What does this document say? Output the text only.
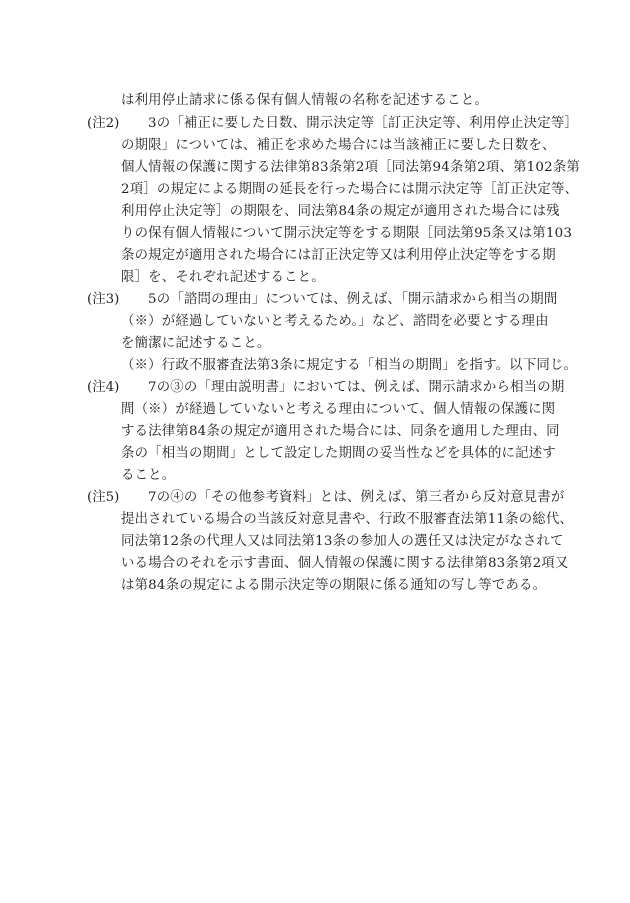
は利用停止請求に係る保有個人情報の名称を記述すること。
(注2) 3の「補正に要した日数、開示決定等［訂正決定等、利用停止決定等］
の期限」については、補正を求めた場合には当該補正に要した日数を、
個人情報の保護に関する法律第83条第2項［同法第94条第2項、第102条第
2項］の規定による期間の延長を行った場合には開示決定等［訂正決定等、
利用停止決定等］の期限を、同法第84条の規定が適用された場合には残
りの保有個人情報について開示決定等をする期限［同法第95条又は第103
条の規定が適用された場合には訂正決定等又は利用停止決定等をする期
限］を、それぞれ記述すること。
(注3) 5の「諮問の理由」については、例えば、「開示請求から相当の期間
（※）が経過していないと考えるため。」など、諮問を必要とする理由
を簡潔に記述すること。
（※）行政不服審査法第3条に規定する「相当の期間」を指す。以下同じ。
(注4) 7の③の「理由説明書」においては、例えば、開示請求から相当の期
間（※）が経過していないと考える理由について、個人情報の保護に関
する法律第84条の規定が適用された場合には、同条を適用した理由、同
条の「相当の期間」として設定した期間の妥当性などを具体的に記述す
ること。
(注5) 7の④の「その他参考資料」とは、例えば、第三者から反対意見書が
提出されている場合の当該反対意見書や、行政不服審査法第11条の総代、
同法第12条の代理人又は同法第13条の参加人の選任又は決定がなされて
いる場合のそれを示す書面、個人情報の保護に関する法律第83条第2項又
は第84条の規定による開示決定等の期限に係る通知の写し等である。
